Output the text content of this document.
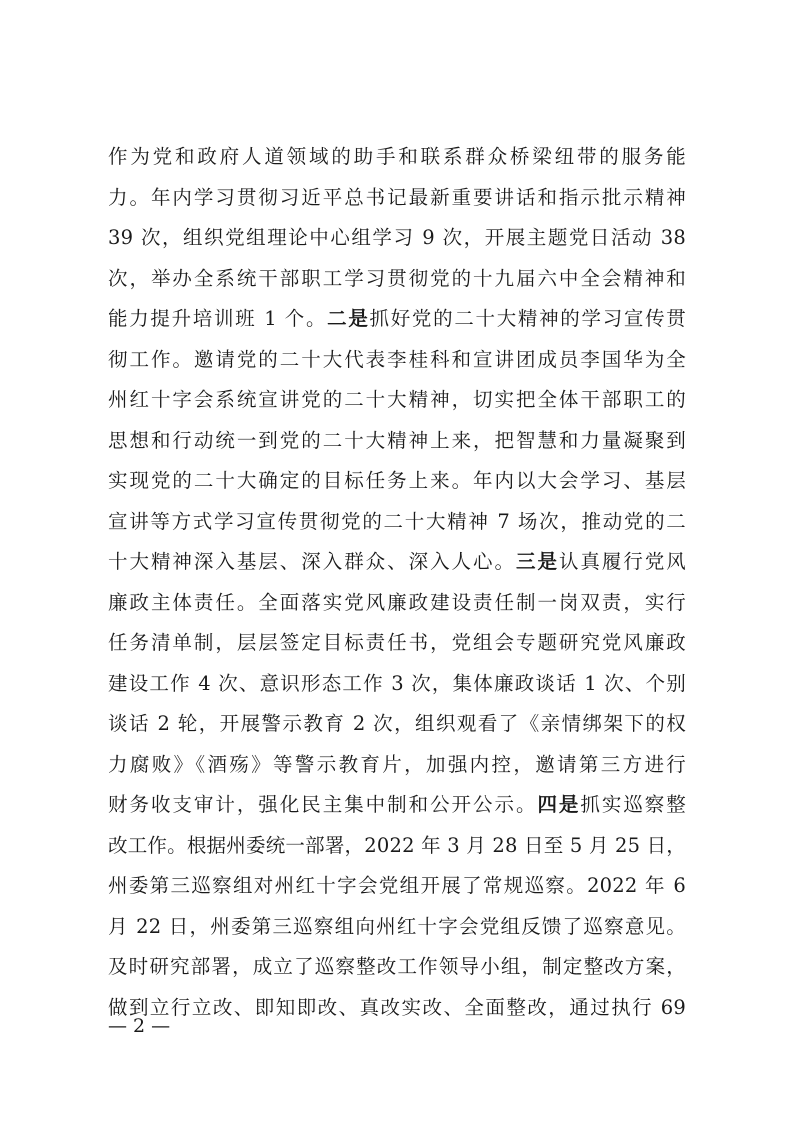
作为党和政府人道领域的助手和联系群众桥梁纽带的服务能
力。年内学习贯彻习近平总书记最新重要讲话和指示批示精神
39 次，组织党组理论中心组学习 9 次，开展主题党日活动 38
次，举办全系统干部职工学习贯彻党的十九届六中全会精神和
能力提升培训班 1 个。二是抓好党的二十大精神的学习宣传贯
彻工作。邀请党的二十大代表李桂科和宣讲团成员李国华为全
州红十字会系统宣讲党的二十大精神，切实把全体干部职工的
思想和行动统一到党的二十大精神上来，把智慧和力量凝聚到
实现党的二十大确定的目标任务上来。年内以大会学习、基层
宣讲等方式学习宣传贯彻党的二十大精神 7 场次，推动党的二
十大精神深入基层、深入群众、深入人心。三是认真履行党风
廉政主体责任。全面落实党风廉政建设责任制一岗双责，实行
任务清单制，层层签定目标责任书，党组会专题研究党风廉政
建设工作 4 次、意识形态工作 3 次，集体廉政谈话 1 次、个别
谈话 2 轮，开展警示教育 2 次，组织观看了《亲情绑架下的权
力腐败》《酒殇》等警示教育片，加强内控，邀请第三方进行
财务收支审计，强化民主集中制和公开公示。四是抓实巡察整
改工作。根据州委统一部署，2022 年 3 月 28 日至 5 月 25 日，
州委第三巡察组对州红十字会党组开展了常规巡察。2022 年 6
月 22 日，州委第三巡察组向州红十字会党组反馈了巡察意见。
及时研究部署，成立了巡察整改工作领导小组，制定整改方案，
做到立行立改、即知即改、真改实改、全面整改，通过执行 69
— 2 —
